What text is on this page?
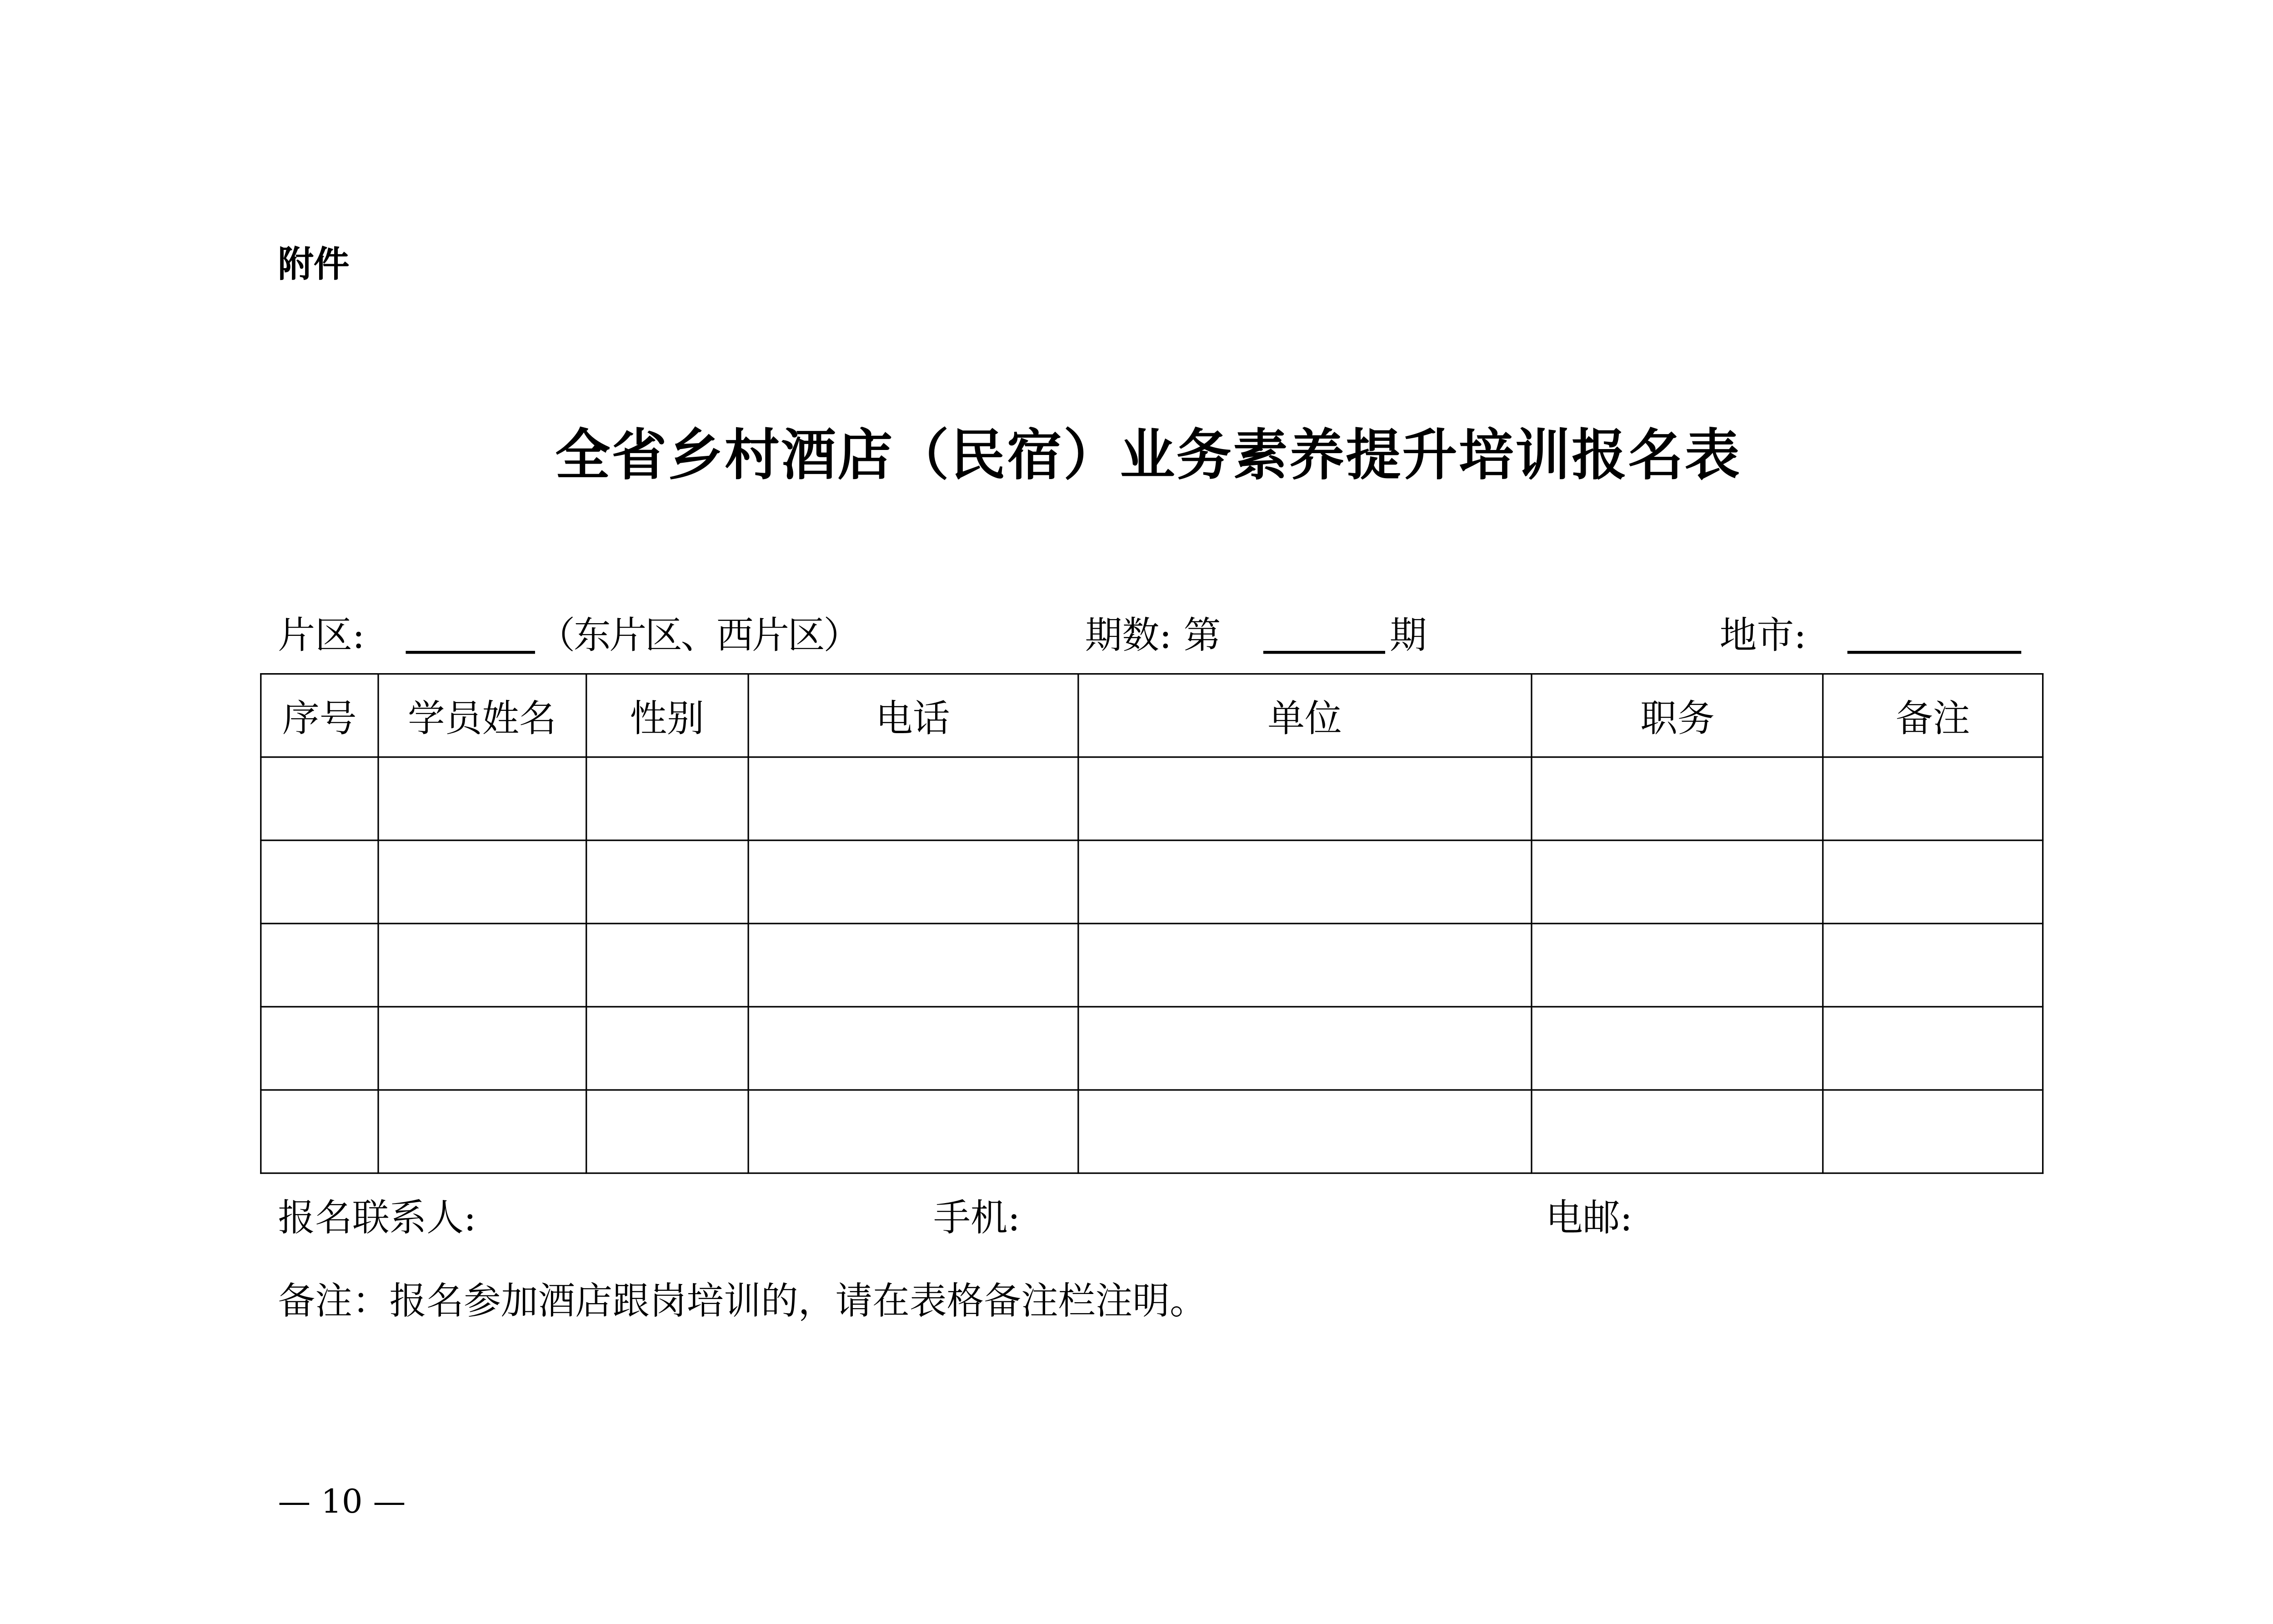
附件
全省乡村酒店（民宿）业务素养提升培训报名表
片区:	（东片区、西片区）	期数: 第	期	地市:
序号	学员姓名	性别	电话	单位	职务	备注

报名联系人:	手机:	电邮:
备注：报名参加酒店跟岗培训的，请在表格备注栏注明。
— 10 —
